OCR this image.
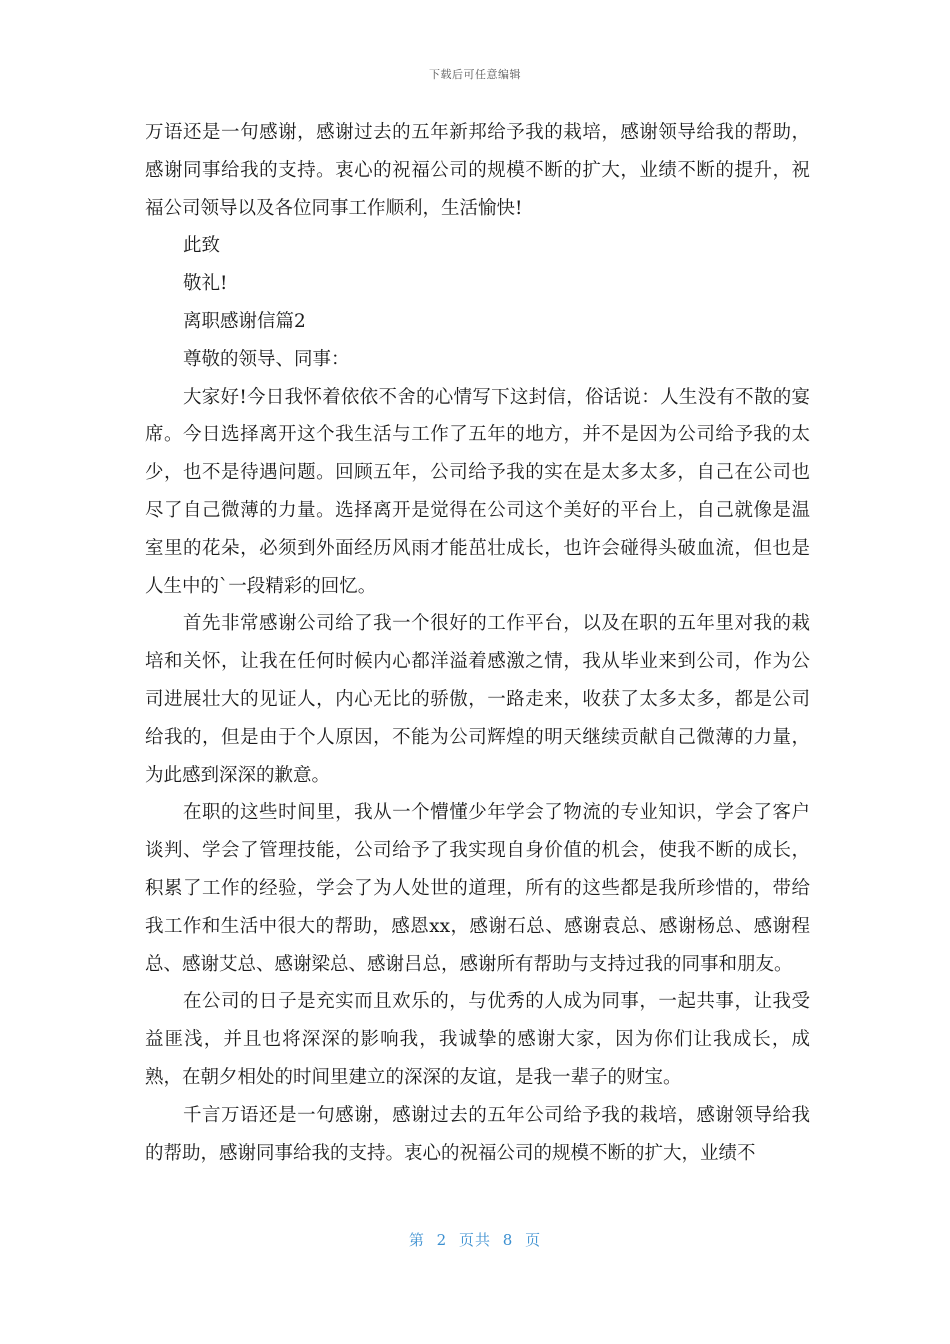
下载后可任意编辑

万语还是一句感谢，感谢过去的五年新邦给予我的栽培，感谢领导给我的帮助，感谢同事给我的支持。衷心的祝福公司的规模不断的扩大，业绩不断的提升，祝福公司领导以及各位同事工作顺利，生活愉快!

此致

敬礼!

离职感谢信篇2

尊敬的领导、同事：

大家好!今日我怀着依依不舍的心情写下这封信，俗话说：人生没有不散的宴席。今日选择离开这个我生活与工作了五年的地方，并不是因为公司给予我的太少，也不是待遇问题。回顾五年，公司给予我的实在是太多太多，自己在公司也尽了自己微薄的力量。选择离开是觉得在公司这个美好的平台上，自己就像是温室里的花朵，必须到外面经历风雨才能茁壮成长，也许会碰得头破血流，但也是人生中的`一段精彩的回忆。

首先非常感谢公司给了我一个很好的工作平台，以及在职的五年里对我的栽培和关怀，让我在任何时候内心都洋溢着感激之情，我从毕业来到公司，作为公司进展壮大的见证人，内心无比的骄傲，一路走来，收获了太多太多，都是公司给我的，但是由于个人原因，不能为公司辉煌的明天继续贡献自己微薄的力量，为此感到深深的歉意。

在职的这些时间里，我从一个懵懂少年学会了物流的专业知识，学会了客户谈判、学会了管理技能，公司给予了我实现自身价值的机会，使我不断的成长，积累了工作的经验，学会了为人处世的道理，所有的这些都是我所珍惜的，带给我工作和生活中很大的帮助，感恩xx，感谢石总、感谢袁总、感谢杨总、感谢程总、感谢艾总、感谢梁总、感谢吕总，感谢所有帮助与支持过我的同事和朋友。

在公司的日子是充实而且欢乐的，与优秀的人成为同事，一起共事，让我受益匪浅，并且也将深深的影响我，我诚挚的感谢大家，因为你们让我成长，成熟，在朝夕相处的时间里建立的深深的友谊，是我一辈子的财宝。

千言万语还是一句感谢，感谢过去的五年公司给予我的栽培，感谢领导给我的帮助，感谢同事给我的支持。衷心的祝福公司的规模不断的扩大，业绩不

第 2 页共 8 页
